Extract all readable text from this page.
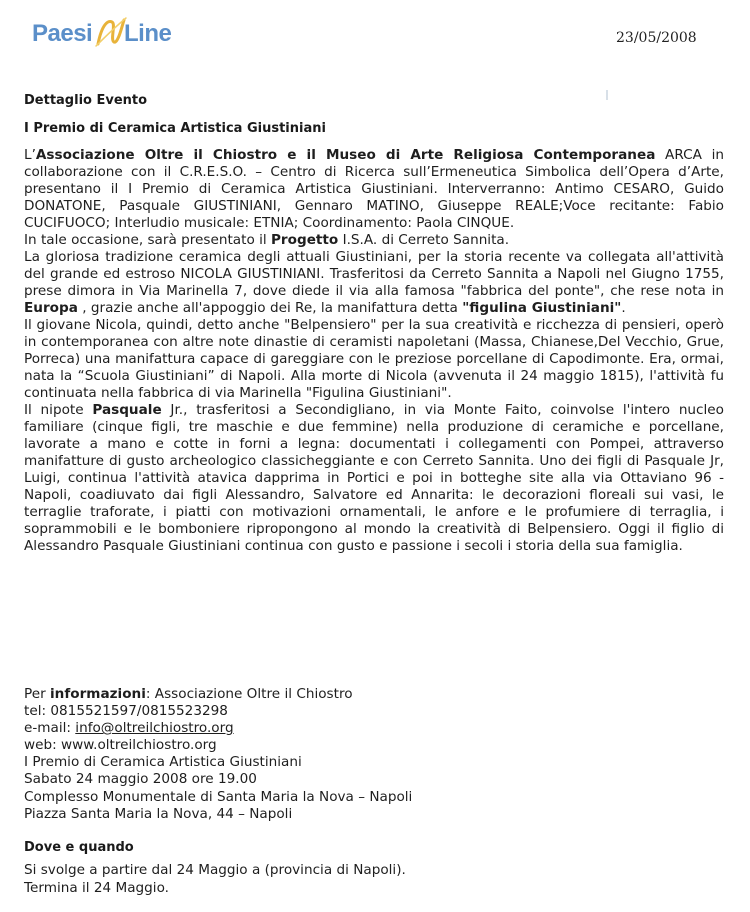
Paesi Line	23/05/2008
Dettaglio Evento
I Premio di Ceramica Artistica Giustiniani

L’Associazione Oltre il Chiostro e il Museo di Arte Religiosa Contemporanea ARCA in collaborazione con il C.R.E.S.O. – Centro di Ricerca sull’Ermeneutica Simbolica dell’Opera d’Arte, presentano il I Premio di Ceramica Artistica Giustiniani. Interverranno: Antimo CESARO, Guido DONATONE, Pasquale GIUSTINIANI, Gennaro MATINO, Giuseppe REALE;Voce recitante: Fabio CUCIFUOCO; Interludio musicale: ETNIA; Coordinamento: Paola CINQUE.

In tale occasione, sarà presentato il Progetto I.S.A. di Cerreto Sannita.

La gloriosa tradizione ceramica degli attuali Giustiniani, per la storia recente va collegata all'attività del grande ed estroso NICOLA GIUSTINIANI. Trasferitosi da Cerreto Sannita a Napoli nel Giugno 1755, prese dimora in Via Marinella 7, dove diede il via alla famosa "fabbrica del ponte", che rese nota in Europa , grazie anche all'appoggio dei Re, la manifattura detta "figulina Giustiniani".

Il giovane Nicola, quindi, detto anche "Belpensiero" per la sua creatività e ricchezza di pensieri, operò in contemporanea con altre note dinastie di ceramisti napoletani (Massa, Chianese,Del Vecchio, Grue, Porreca) una manifattura capace di gareggiare con le preziose porcellane di Capodimonte. Era, ormai, nata la “Scuola Giustiniani” di Napoli. Alla morte di Nicola (avvenuta il 24 maggio 1815), l'attività fu continuata nella fabbrica di via Marinella "Figulina Giustiniani".

Il nipote Pasquale Jr., trasferitosi a Secondigliano, in via Monte Faito, coinvolse l'intero nucleo familiare (cinque figli, tre maschie e due femmine) nella produzione di ceramiche e porcellane, lavorate a mano e cotte in forni a legna: documentati i collegamenti con Pompei, attraverso manifatture di gusto archeologico classicheggiante e con Cerreto Sannita. Uno dei figli di Pasquale Jr, Luigi, continua l'attività atavica dapprima in Portici e poi in botteghe site alla via Ottaviano 96 - Napoli, coadiuvato dai figli Alessandro, Salvatore ed Annarita: le decorazioni floreali sui vasi, le terraglie traforate, i piatti con motivazioni ornamentali, le anfore e le profumiere di terraglia, i soprammobili e le bomboniere ripropongono al mondo la creatività di Belpensiero. Oggi il figlio di Alessandro Pasquale Giustiniani continua con gusto e passione i secoli i storia della sua famiglia.

Per informazioni: Associazione Oltre il Chiostro
tel: 0815521597/0815523298
e-mail: info@oltreilchiostro.org
web: www.oltreilchiostro.org
I Premio di Ceramica Artistica Giustiniani
Sabato 24 maggio 2008 ore 19.00
Complesso Monumentale di Santa Maria la Nova – Napoli
Piazza Santa Maria la Nova, 44 – Napoli
Dove e quando
Si svolge a partire dal 24 Maggio a (provincia di Napoli).
Termina il 24 Maggio.
